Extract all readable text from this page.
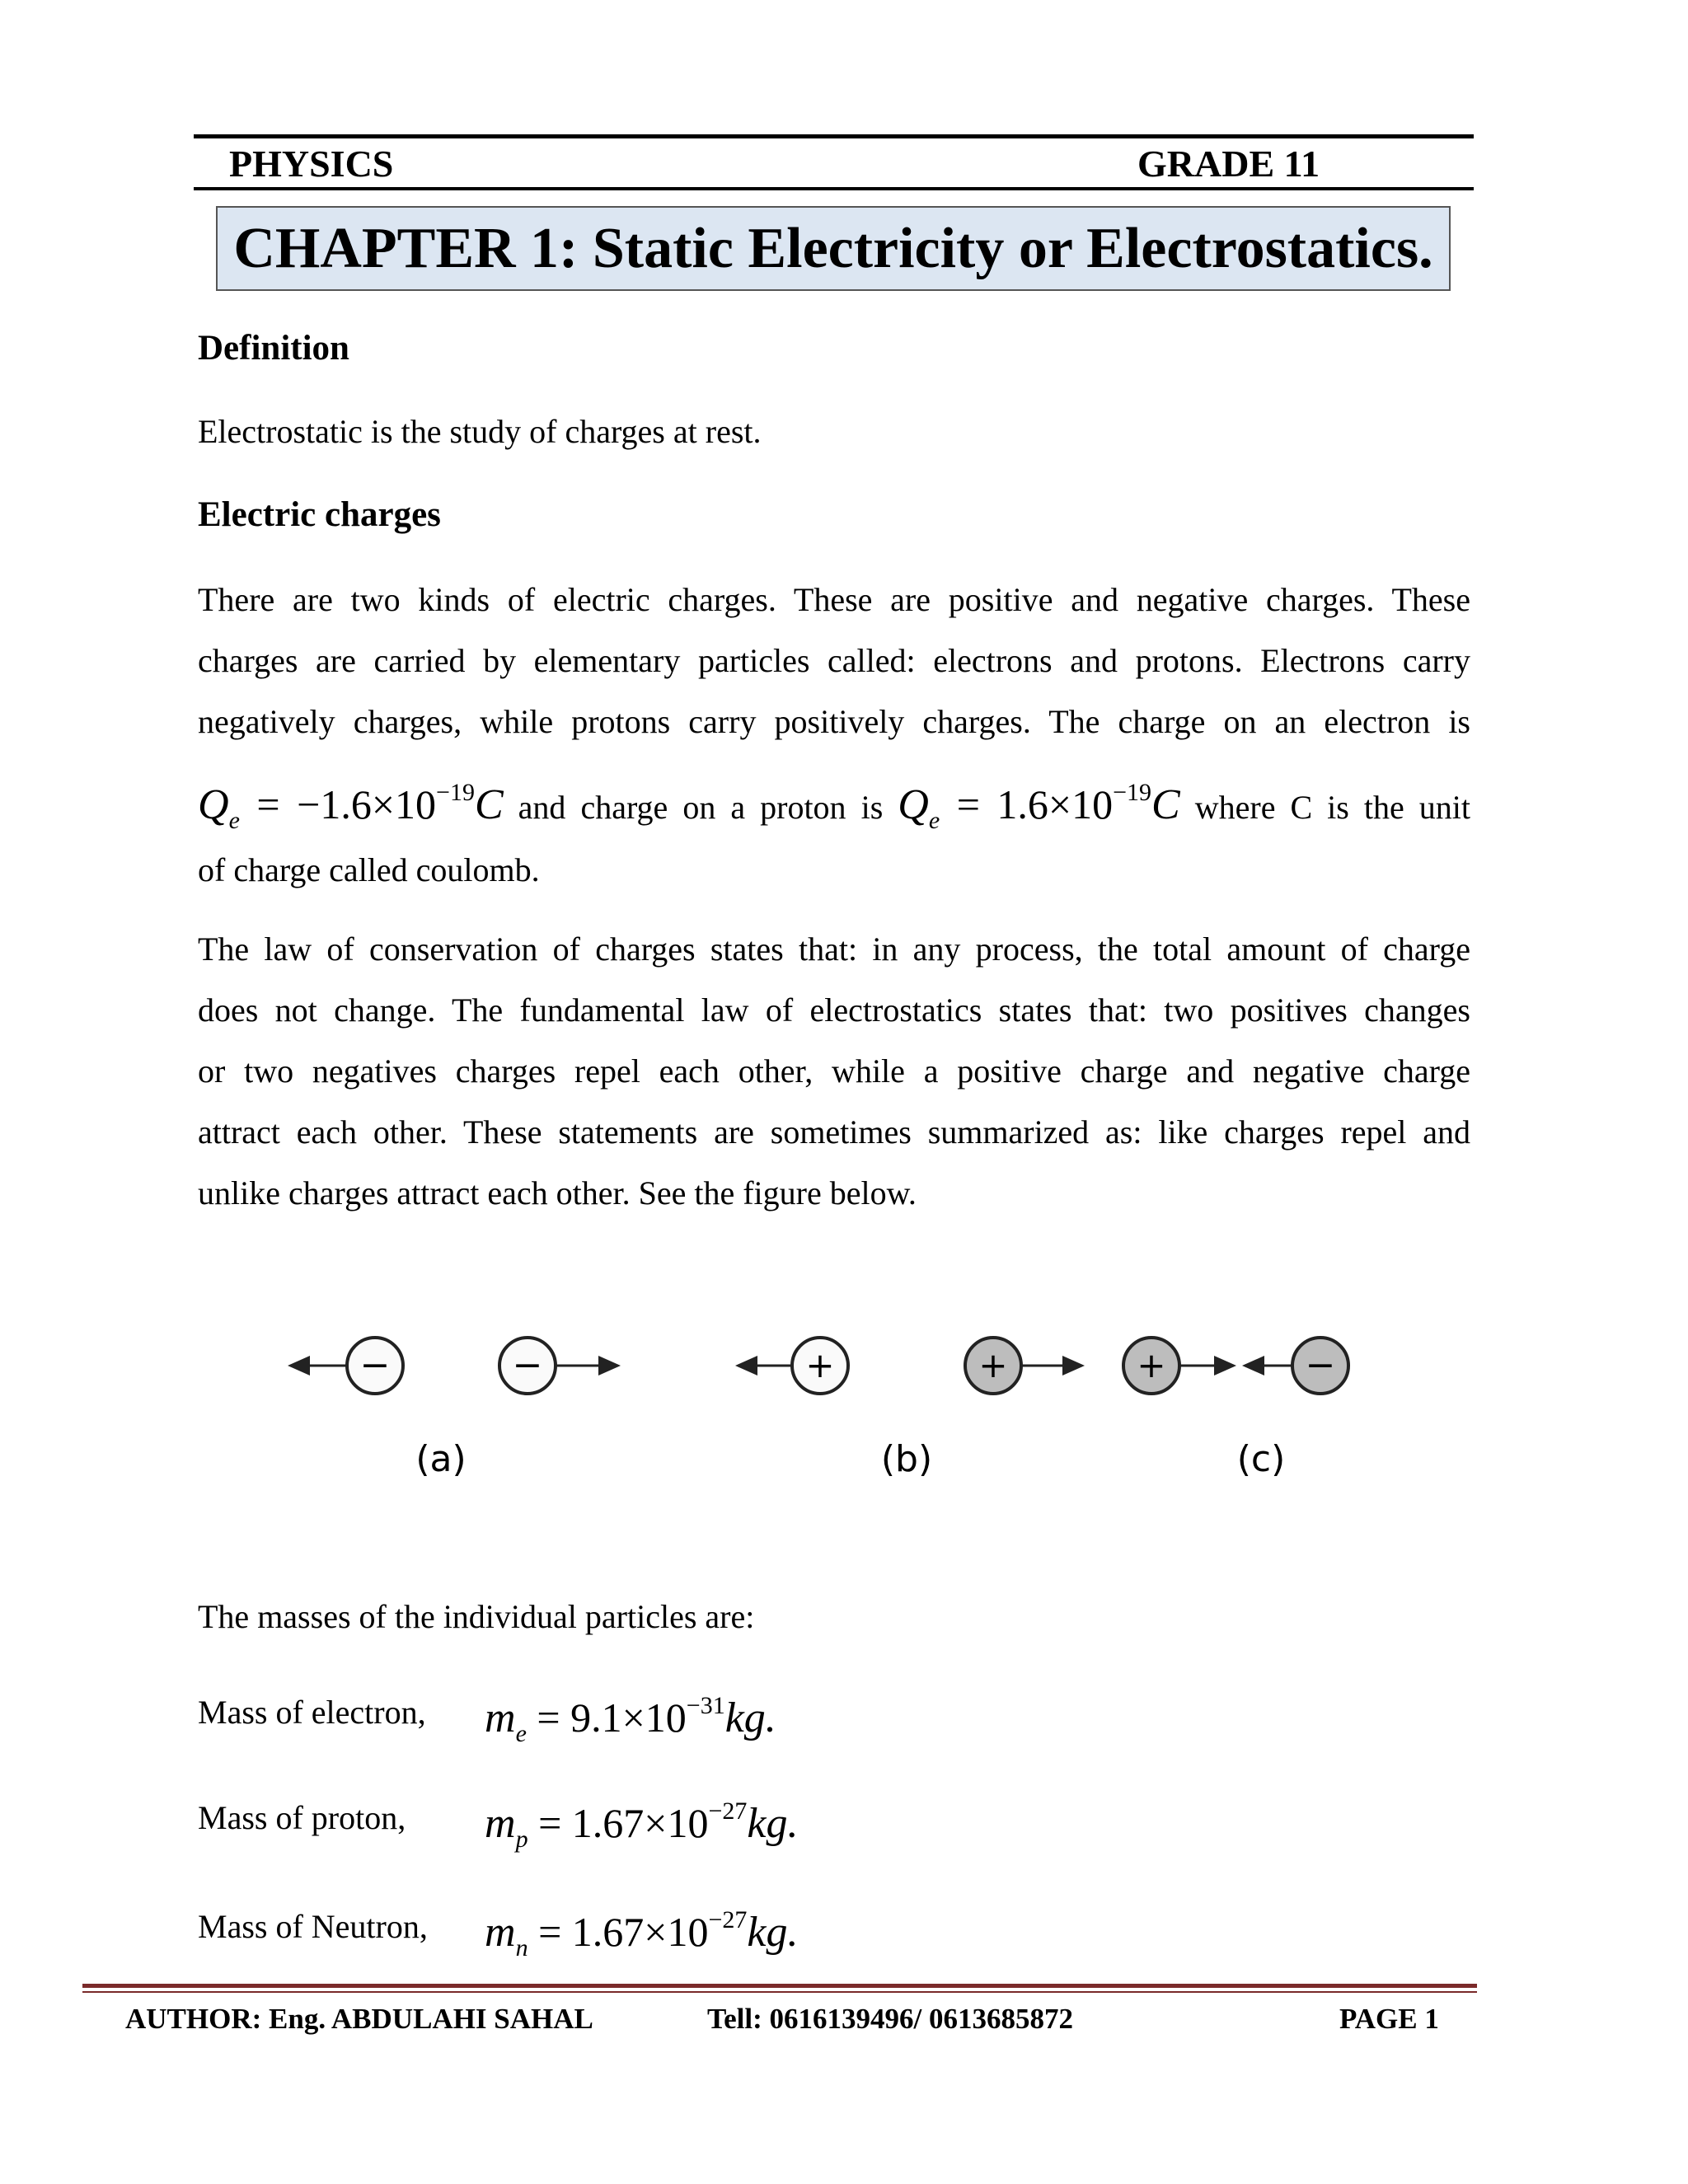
PHYSICS	GRADE 11
CHAPTER 1: Static Electricity or Electrostatics.
Definition
Electrostatic is the study of charges at rest.
Electric charges
There are two kinds of electric charges. These are positive and negative charges. These
charges are carried by elementary particles called: electrons and protons. Electrons carry
negatively charges, while protons carry positively charges. The charge on an electron is
$Q_e = -1.6\times 10^{-19}C$ and charge on a proton is $Q_e = 1.6\times 10^{-19}C$ where C is the unit
of charge called coulomb.
The law of conservation of charges states that: in any process, the total amount of charge
does not change. The fundamental law of electrostatics states that: two positives changes
or two negatives charges repel each other, while a positive charge and negative charge
attract each other. These statements are sometimes summarized as: like charges repel and
unlike charges attract each other. See the figure below.
−	−
(a)
+	+
(b)
+	−
(c)
The masses of the individual particles are:
Mass of electron, me = 9.1×10−31kg.
Mass of proton, mp = 1.67×10−27kg.
Mass of Neutron, mn = 1.67×10−27kg.
AUTHOR: Eng. ABDULAHI SAHAL	Tell: 0616139496/ 0613685872	PAGE 1
